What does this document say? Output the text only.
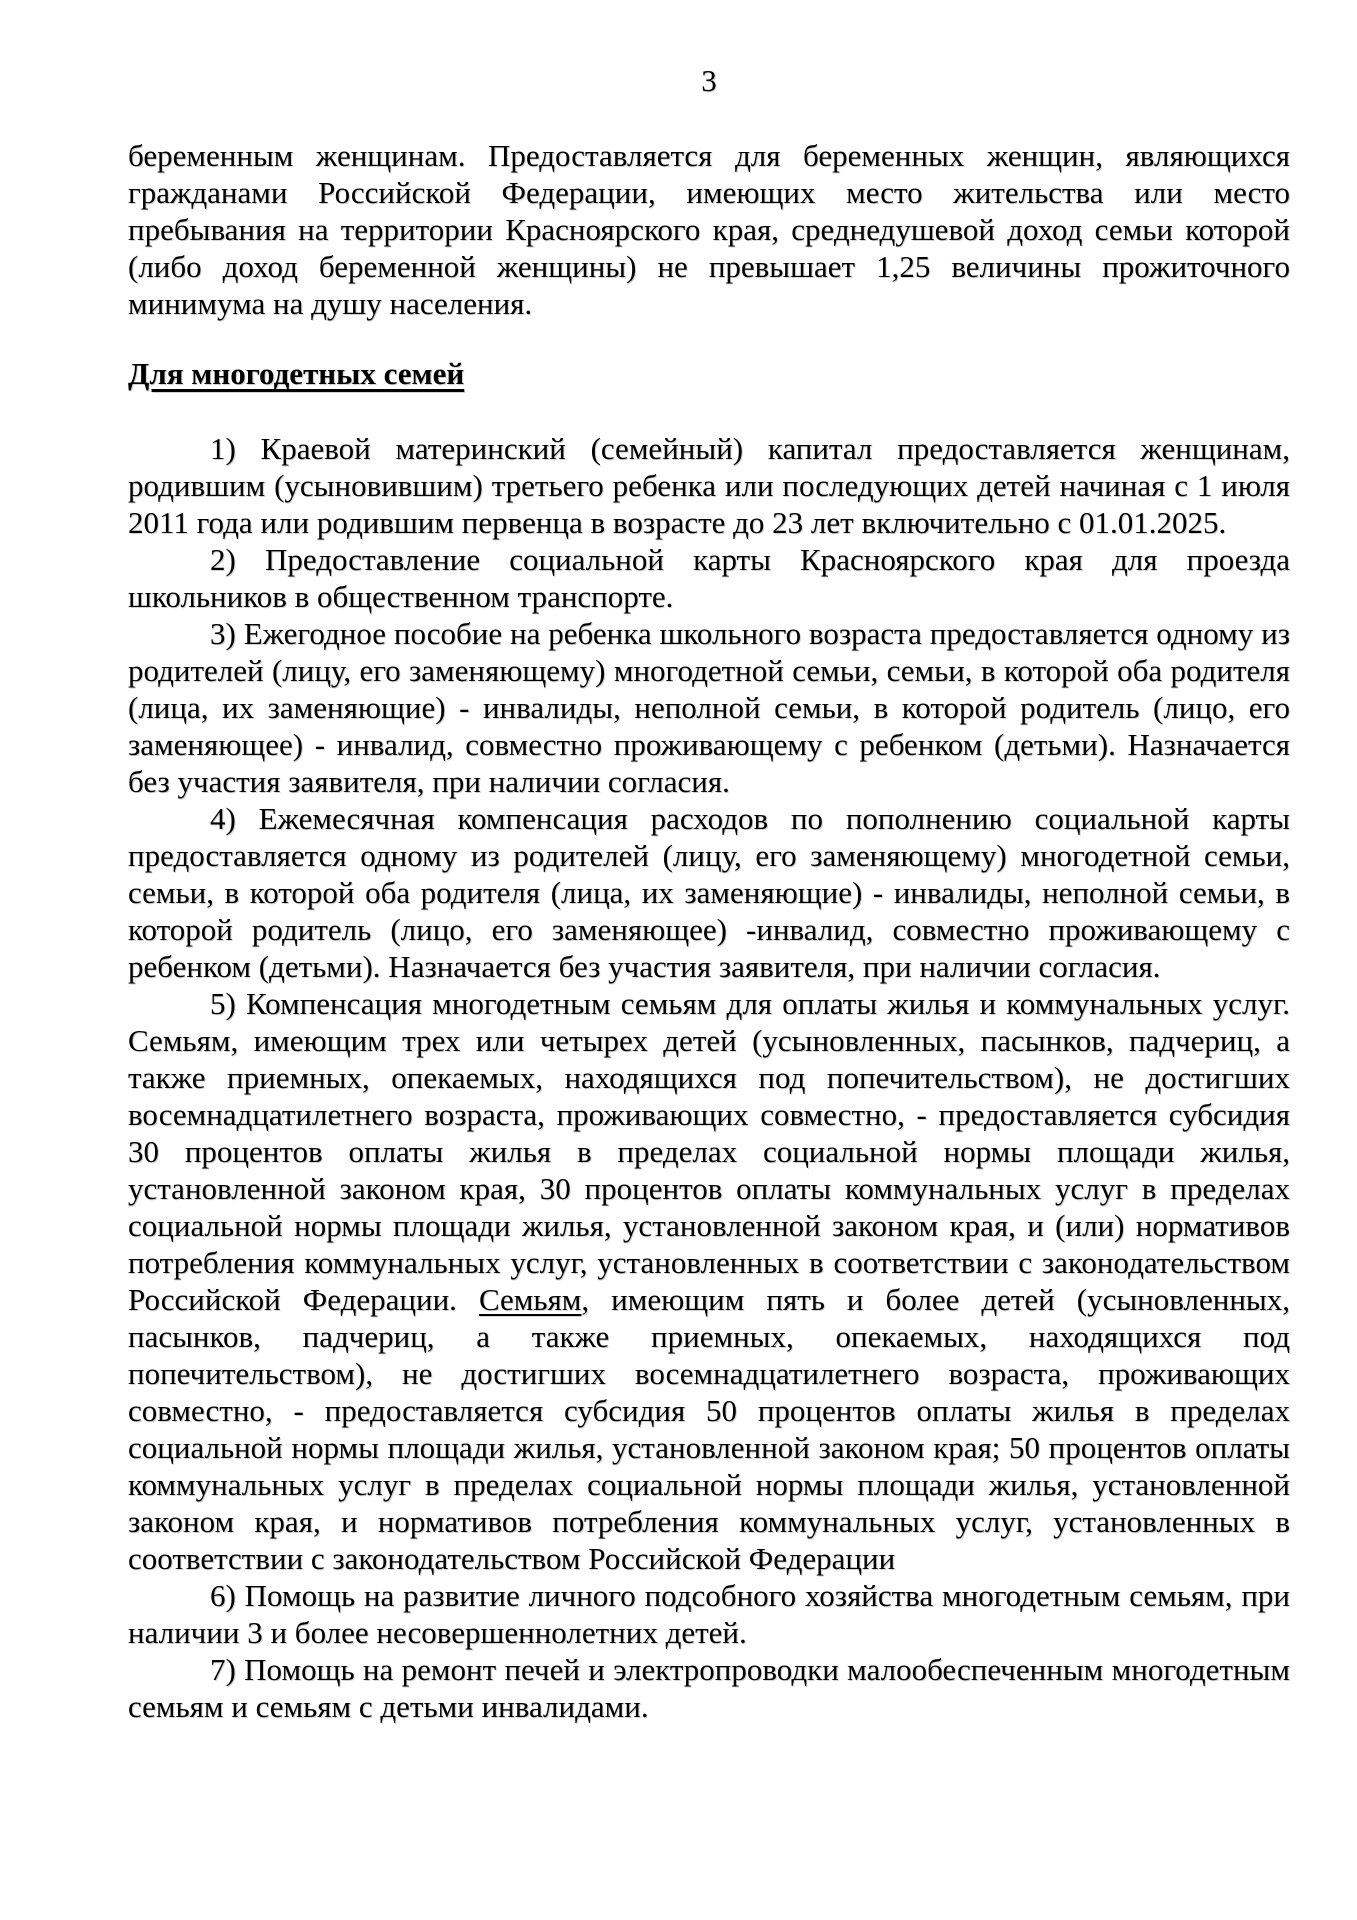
3

беременным женщинам. Предоставляется для беременных женщин, являющихся гражданами Российской Федерации, имеющих место жительства или место пребывания на территории Красноярского края, среднедушевой доход семьи которой (либо доход беременной женщины) не превышает 1,25 величины прожиточного минимума на душу населения.

Для многодетных семей

1) Краевой материнский (семейный) капитал предоставляется женщинам, родившим (усыновившим) третьего ребенка или последующих детей начиная с 1 июля 2011 года или родившим первенца в возрасте до 23 лет включительно с 01.01.2025.

2) Предоставление социальной карты Красноярского края для проезда школьников в общественном транспорте.

3) Ежегодное пособие на ребенка школьного возраста предоставляется одному из родителей (лицу, его заменяющему) многодетной семьи, семьи, в которой оба родителя (лица, их заменяющие) - инвалиды, неполной семьи, в которой родитель (лицо, его заменяющее) - инвалид, совместно проживающему с ребенком (детьми). Назначается без участия заявителя, при наличии согласия.

4) Ежемесячная компенсация расходов по пополнению социальной карты предоставляется одному из родителей (лицу, его заменяющему) многодетной семьи, семьи, в которой оба родителя (лица, их заменяющие) - инвалиды, неполной семьи, в которой родитель (лицо, его заменяющее) -инвалид, совместно проживающему с ребенком (детьми). Назначается без участия заявителя, при наличии согласия.

5) Компенсация многодетным семьям для оплаты жилья и коммунальных услуг. Семьям, имеющим трех или четырех детей (усыновленных, пасынков, падчериц, а также приемных, опекаемых, находящихся под попечительством), не достигших восемнадцатилетнего возраста, проживающих совместно, - предоставляется субсидия 30 процентов оплаты жилья в пределах социальной нормы площади жилья, установленной законом края, 30 процентов оплаты коммунальных услуг в пределах социальной нормы площади жилья, установленной законом края, и (или) нормативов потребления коммунальных услуг, установленных в соответствии с законодательством Российской Федерации. Семьям, имеющим пять и более детей (усыновленных, пасынков, падчериц, а также приемных, опекаемых, находящихся под попечительством), не достигших восемнадцатилетнего возраста, проживающих совместно, - предоставляется субсидия 50 процентов оплаты жилья в пределах социальной нормы площади жилья, установленной законом края; 50 процентов оплаты коммунальных услуг в пределах социальной нормы площади жилья, установленной законом края, и нормативов потребления коммунальных услуг, установленных в соответствии с законодательством Российской Федерации

6) Помощь на развитие личного подсобного хозяйства многодетным семьям, при наличии 3 и более несовершеннолетних детей.

7) Помощь на ремонт печей и электропроводки малообеспеченным многодетным семьям и семьям с детьми инвалидами.
